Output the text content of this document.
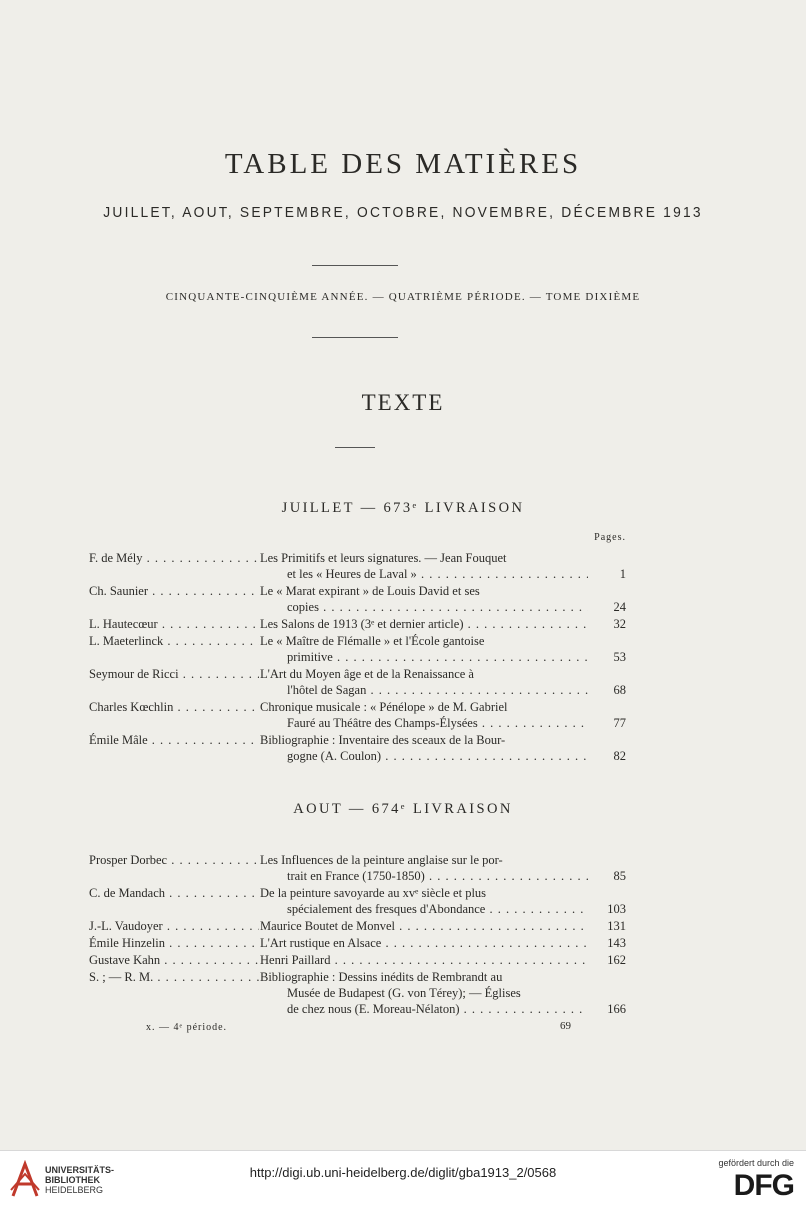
TABLE DES MATIÈRES
JUILLET, AOUT, SEPTEMBRE, OCTOBRE, NOVEMBRE, DÉCEMBRE 1913
CINQUANTE-CINQUIÈME ANNÉE. — QUATRIÈME PÉRIODE. — TOME DIXIÈME
TEXTE
JUILLET — 673ᵉ LIVRAISON
Pages.
F. de Mély . . .	Les Primitifs et leurs signatures. — Jean Fouquet
et les « Heures de Laval » . . .	1
Ch. Saunier . . .	Le « Marat expirant » de Louis David et ses
copies . . .	24
L. Hautecœur . . .	Les Salons de 1913 (3ᵉ et dernier article) . . .	32
L. Maeterlinck . . .	Le « Maître de Flémalle » et l'École gantoise
primitive . . .	53
Seymour de Ricci . . .	L'Art du Moyen âge et de la Renaissance à
l'hôtel de Sagan . . .	68
Charles Kœchlin . . .	Chronique musicale : « Pénélope » de M. Gabriel
Fauré au Théâtre des Champs-Élysées . . .	77
Émile Mâle . . .	Bibliographie : Inventaire des sceaux de la Bour-
gogne (A. Coulon) . . .	82
AOUT — 674ᵉ LIVRAISON
Prosper Dorbec . . .	Les Influences de la peinture anglaise sur le por-
trait en France (1750-1850) . . .	85
C. de Mandach . . .	De la peinture savoyarde au xvᵉ siècle et plus
spécialement des fresques d'Abondance . . .	103
J.-L. Vaudoyer . . .	Maurice Boutet de Monvel . . .	131
Émile Hinzelin . . .	L'Art rustique en Alsace . . .	143
Gustave Kahn . . .	Henri Paillard . . .	162
S. ; — R. M. . . .	Bibliographie : Dessins inédits de Rembrandt au
Musée de Budapest (G. von Térey); — Églises
de chez nous (E. Moreau-Nélaton) . . .	166
x. — 4ᵉ période.	69
UNIVERSITÄTS-
BIBLIOTHEK
HEIDELBERG
http://digi.ub.uni-heidelberg.de/diglit/gba1913_2/0568
gefördert durch die
DFG
